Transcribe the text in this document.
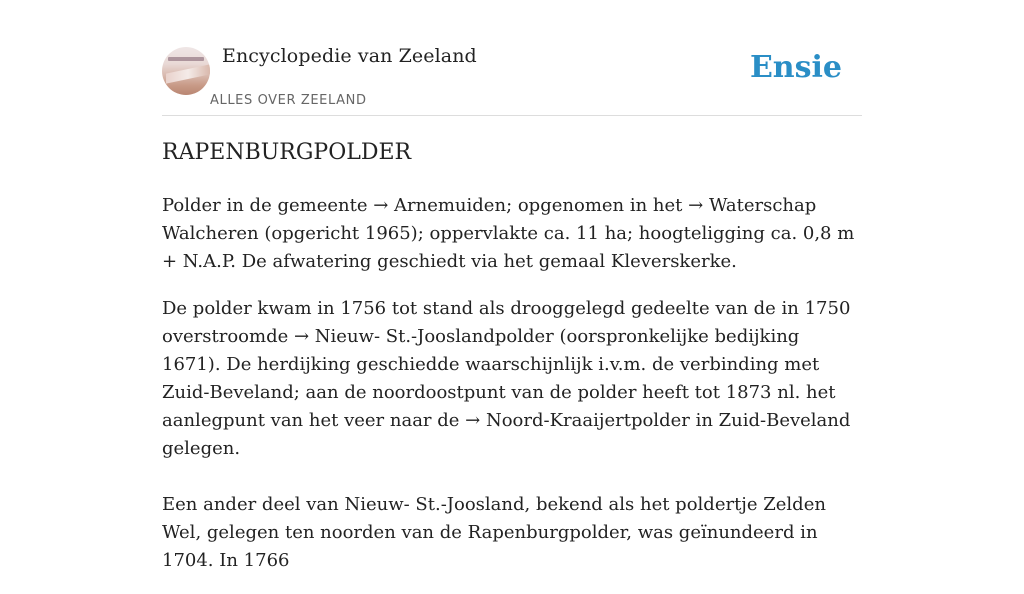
Encyclopedie van Zeeland
ALLES OVER ZEELAND
Ensie
RAPENBURGPOLDER

Polder in de gemeente → Arnemuiden; opgenomen in het → Waterschap Walcheren (opgericht 1965); oppervlakte ca. 11 ha; hoogteligging ca. 0,8 m + N.A.P. De afwatering geschiedt via het gemaal Kleverskerke.

De polder kwam in 1756 tot stand als drooggelegd gedeelte van de in 1750 overstroomde → Nieuw- St.-Jooslandpolder (oorspronkelijke bedijking 1671). De herdijking geschiedde waarschijnlijk i.v.m. de verbinding met Zuid-Beveland; aan de noordoostpunt van de polder heeft tot 1873 nl. het aanlegpunt van het veer naar de → Noord-Kraaijertpolder in Zuid-Beveland gelegen.

Een ander deel van Nieuw- St.-Joosland, bekend als het poldertje Zelden Wel, gelegen ten noorden van de Rapenburgpolder, was geïnundeerd in 1704. In 1766
